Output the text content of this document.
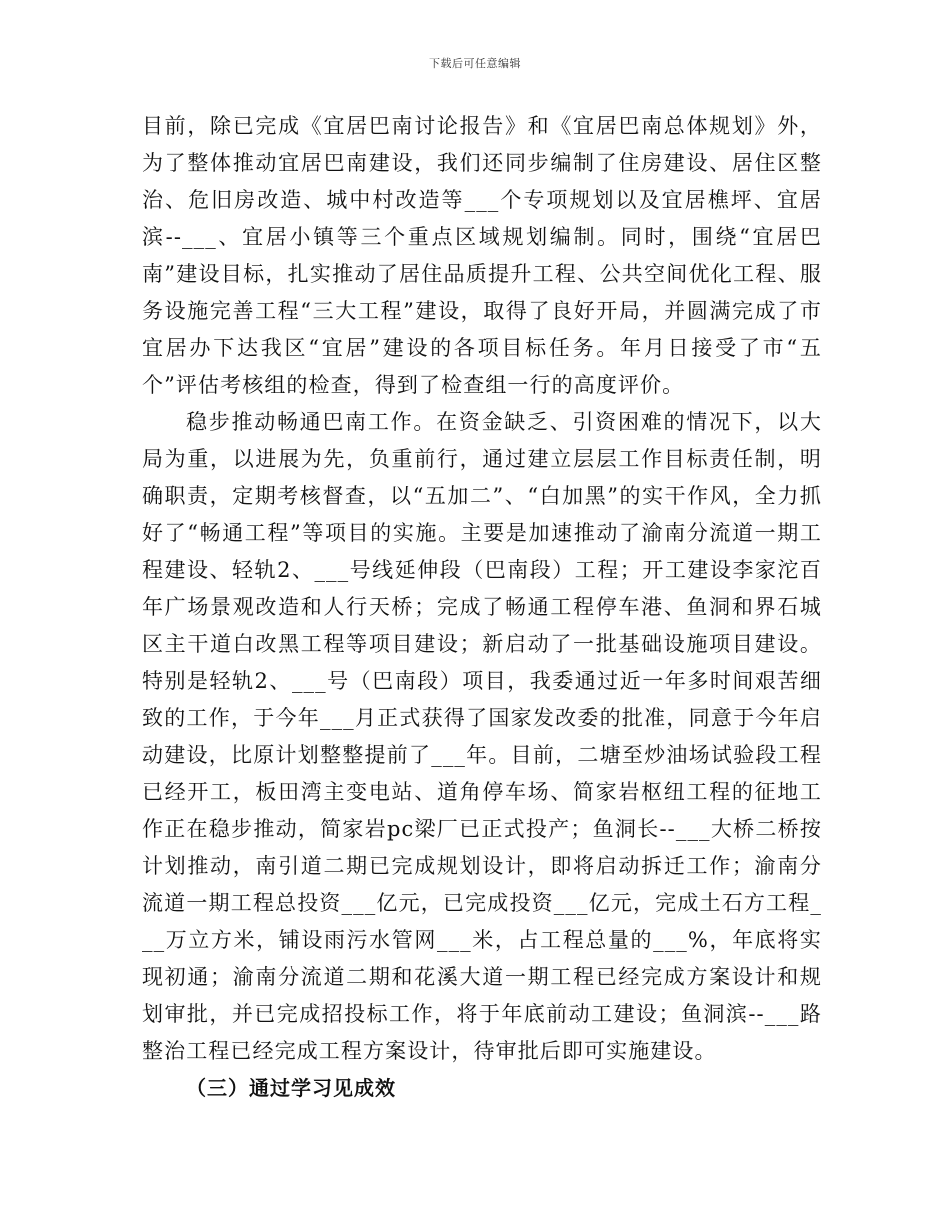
下载后可任意编辑

目前，除已完成《宜居巴南讨论报告》和《宜居巴南总体规划》外，为了整体推动宜居巴南建设，我们还同步编制了住房建设、居住区整治、危旧房改造、城中村改造等___个专项规划以及宜居樵坪、宜居滨--___、宜居小镇等三个重点区域规划编制。同时，围绕“宜居巴南”建设目标，扎实推动了居住品质提升工程、公共空间优化工程、服务设施完善工程“三大工程”建设，取得了良好开局，并圆满完成了市宜居办下达我区“宜居”建设的各项目标任务。年月日接受了市“五个”评估考核组的检查，得到了检查组一行的高度评价。

稳步推动畅通巴南工作。在资金缺乏、引资困难的情况下，以大局为重，以进展为先，负重前行，通过建立层层工作目标责任制，明确职责，定期考核督查，以“五加二”、“白加黑”的实干作风，全力抓好了“畅通工程”等项目的实施。主要是加速推动了渝南分流道一期工程建设、轻轨2、___号线延伸段（巴南段）工程；开工建设李家沱百年广场景观改造和人行天桥；完成了畅通工程停车港、鱼洞和界石城区主干道白改黑工程等项目建设；新启动了一批基础设施项目建设。特别是轻轨2、___号（巴南段）项目，我委通过近一年多时间艰苦细致的工作，于今年___月正式获得了国家发改委的批准，同意于今年启动建设，比原计划整整提前了___年。目前，二塘至炒油场试验段工程已经开工，板田湾主变电站、道角停车场、简家岩枢纽工程的征地工作正在稳步推动，简家岩pc梁厂已正式投产；鱼洞长--___大桥二桥按计划推动，南引道二期已完成规划设计，即将启动拆迁工作；渝南分流道一期工程总投资___亿元，已完成投资___亿元，完成土石方工程___万立方米，铺设雨污水管网___米，占工程总量的___%，年底将实现初通；渝南分流道二期和花溪大道一期工程已经完成方案设计和规划审批，并已完成招投标工作，将于年底前动工建设；鱼洞滨--___路整治工程已经完成工程方案设计，待审批后即可实施建设。

（三）通过学习见成效
